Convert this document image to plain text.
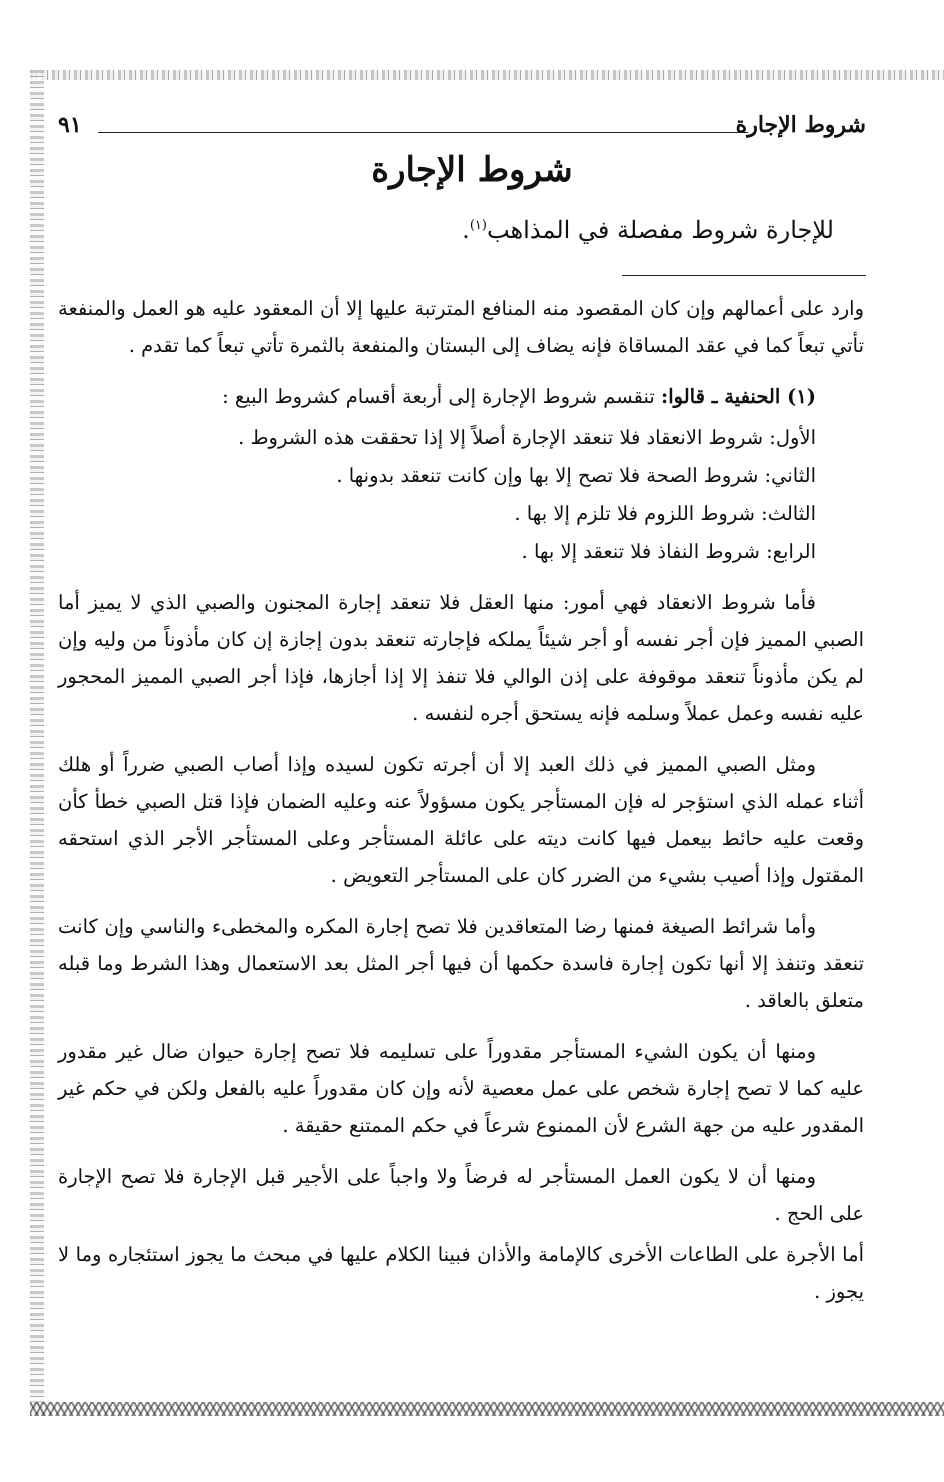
شروط الإجارة
٩١
شروط الإجارة
للإجارة شروط مفصلة في المذاهب$^{(١)}$.

وارد على أعمالهم وإن كان المقصود منه المنافع المترتبة عليها إلا أن المعقود عليه هو العمل والمنفعة تأتي تبعاً كما في عقد المساقاة فإنه يضاف إلى البستان والمنفعة بالثمرة تأتي تبعاً كما تقدم .

(١) الحنفية ـ قالوا: تنقسم شروط الإجارة إلى أربعة أقسام كشروط البيع :

الأول: شروط الانعقاد فلا تنعقد الإجارة أصلاً إلا إذا تحققت هذه الشروط .

الثاني: شروط الصحة فلا تصح إلا بها وإن كانت تنعقد بدونها .

الثالث: شروط اللزوم فلا تلزم إلا بها .

الرابع: شروط النفاذ فلا تنعقد إلا بها .

فأما شروط الانعقاد فهي أمور: منها العقل فلا تنعقد إجارة المجنون والصبي الذي لا يميز أما الصبي المميز فإن أجر نفسه أو أجر شيئاً يملكه فإجارته تنعقد بدون إجازة إن كان مأذوناً من وليه وإن لم يكن مأذوناً تنعقد موقوفة على إذن الوالي فلا تنفذ إلا إذا أجازها، فإذا أجر الصبي المميز المحجور عليه نفسه وعمل عملاً وسلمه فإنه يستحق أجره لنفسه .

ومثل الصبي المميز في ذلك العبد إلا أن أجرته تكون لسيده وإذا أصاب الصبي ضرراً أو هلك أثناء عمله الذي استؤجر له فإن المستأجر يكون مسؤولاً عنه وعليه الضمان فإذا قتل الصبي خطأ كأن وقعت عليه حائط بيعمل فيها كانت ديته على عائلة المستأجر وعلى المستأجر الأجر الذي استحقه المقتول وإذا أصيب بشيء من الضرر كان على المستأجر التعويض .

وأما شرائط الصيغة فمنها رضا المتعاقدين فلا تصح إجارة المكره والمخطىء والناسي وإن كانت تنعقد وتنفذ إلا أنها تكون إجارة فاسدة حكمها أن فيها أجر المثل بعد الاستعمال وهذا الشرط وما قبله متعلق بالعاقد .

ومنها أن يكون الشيء المستأجر مقدوراً على تسليمه فلا تصح إجارة حيوان ضال غير مقدور عليه كما لا تصح إجارة شخص على عمل معصية لأنه وإن كان مقدوراً عليه بالفعل ولكن في حكم غير المقدور عليه من جهة الشرع لأن الممنوع شرعاً في حكم الممتنع حقيقة .

ومنها أن لا يكون العمل المستأجر له فرضاً ولا واجباً على الأجير قبل الإجارة فلا تصح الإجارة على الحج .

أما الأجرة على الطاعات الأخرى كالإمامة والأذان فبينا الكلام عليها في مبحث ما يجوز استئجاره وما لا يجوز .
